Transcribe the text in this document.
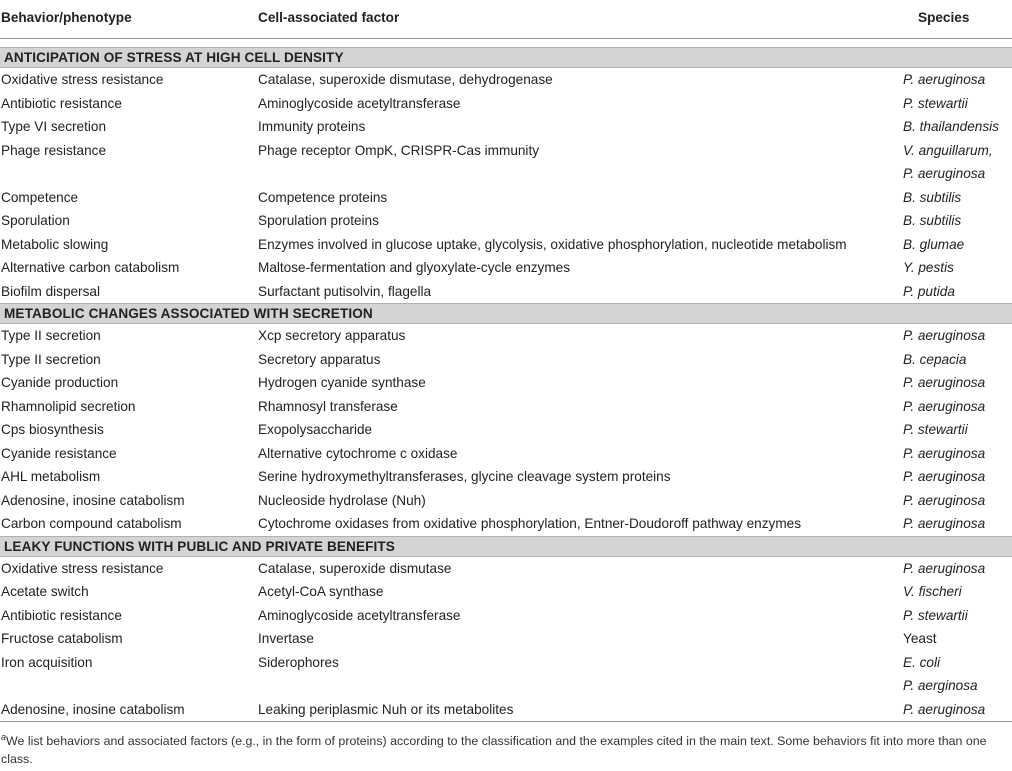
Behavior/phenotype	Cell-associated factor	Species
ANTICIPATION OF STRESS AT HIGH CELL DENSITY
Oxidative stress resistance	Catalase, superoxide dismutase, dehydrogenase	P. aeruginosa
Antibiotic resistance	Aminoglycoside acetyltransferase	P. stewartii
Type VI secretion	Immunity proteins	B. thailandensis
Phage resistance	Phage receptor OmpK, CRISPR-Cas immunity	V. anguillarum,
P. aeruginosa
Competence	Competence proteins	B. subtilis
Sporulation	Sporulation proteins	B. subtilis
Metabolic slowing	Enzymes involved in glucose uptake, glycolysis, oxidative phosphorylation, nucleotide metabolism	B. glumae
Alternative carbon catabolism	Maltose-fermentation and glyoxylate-cycle enzymes	Y. pestis
Biofilm dispersal	Surfactant putisolvin, flagella	P. putida
METABOLIC CHANGES ASSOCIATED WITH SECRETION
Type II secretion	Xcp secretory apparatus	P. aeruginosa
Type II secretion	Secretory apparatus	B. cepacia
Cyanide production	Hydrogen cyanide synthase	P. aeruginosa
Rhamnolipid secretion	Rhamnosyl transferase	P. aeruginosa
Cps biosynthesis	Exopolysaccharide	P. stewartii
Cyanide resistance	Alternative cytochrome c oxidase	P. aeruginosa
AHL metabolism	Serine hydroxymethyltransferases, glycine cleavage system proteins	P. aeruginosa
Adenosine, inosine catabolism	Nucleoside hydrolase (Nuh)	P. aeruginosa
Carbon compound catabolism	Cytochrome oxidases from oxidative phosphorylation, Entner-Doudoroff pathway enzymes	P. aeruginosa
LEAKY FUNCTIONS WITH PUBLIC AND PRIVATE BENEFITS
Oxidative stress resistance	Catalase, superoxide dismutase	P. aeruginosa
Acetate switch	Acetyl-CoA synthase	V. fischeri
Antibiotic resistance	Aminoglycoside acetyltransferase	P. stewartii
Fructose catabolism	Invertase	Yeast
Iron acquisition	Siderophores	E. coli
P. aerginosa
Adenosine, inosine catabolism	Leaking periplasmic Nuh or its metabolites	P. aeruginosa
$^a$We list behaviors and associated factors (e.g., in the form of proteins) according to the classification and the examples cited in the main text. Some behaviors fit into more than one class.
